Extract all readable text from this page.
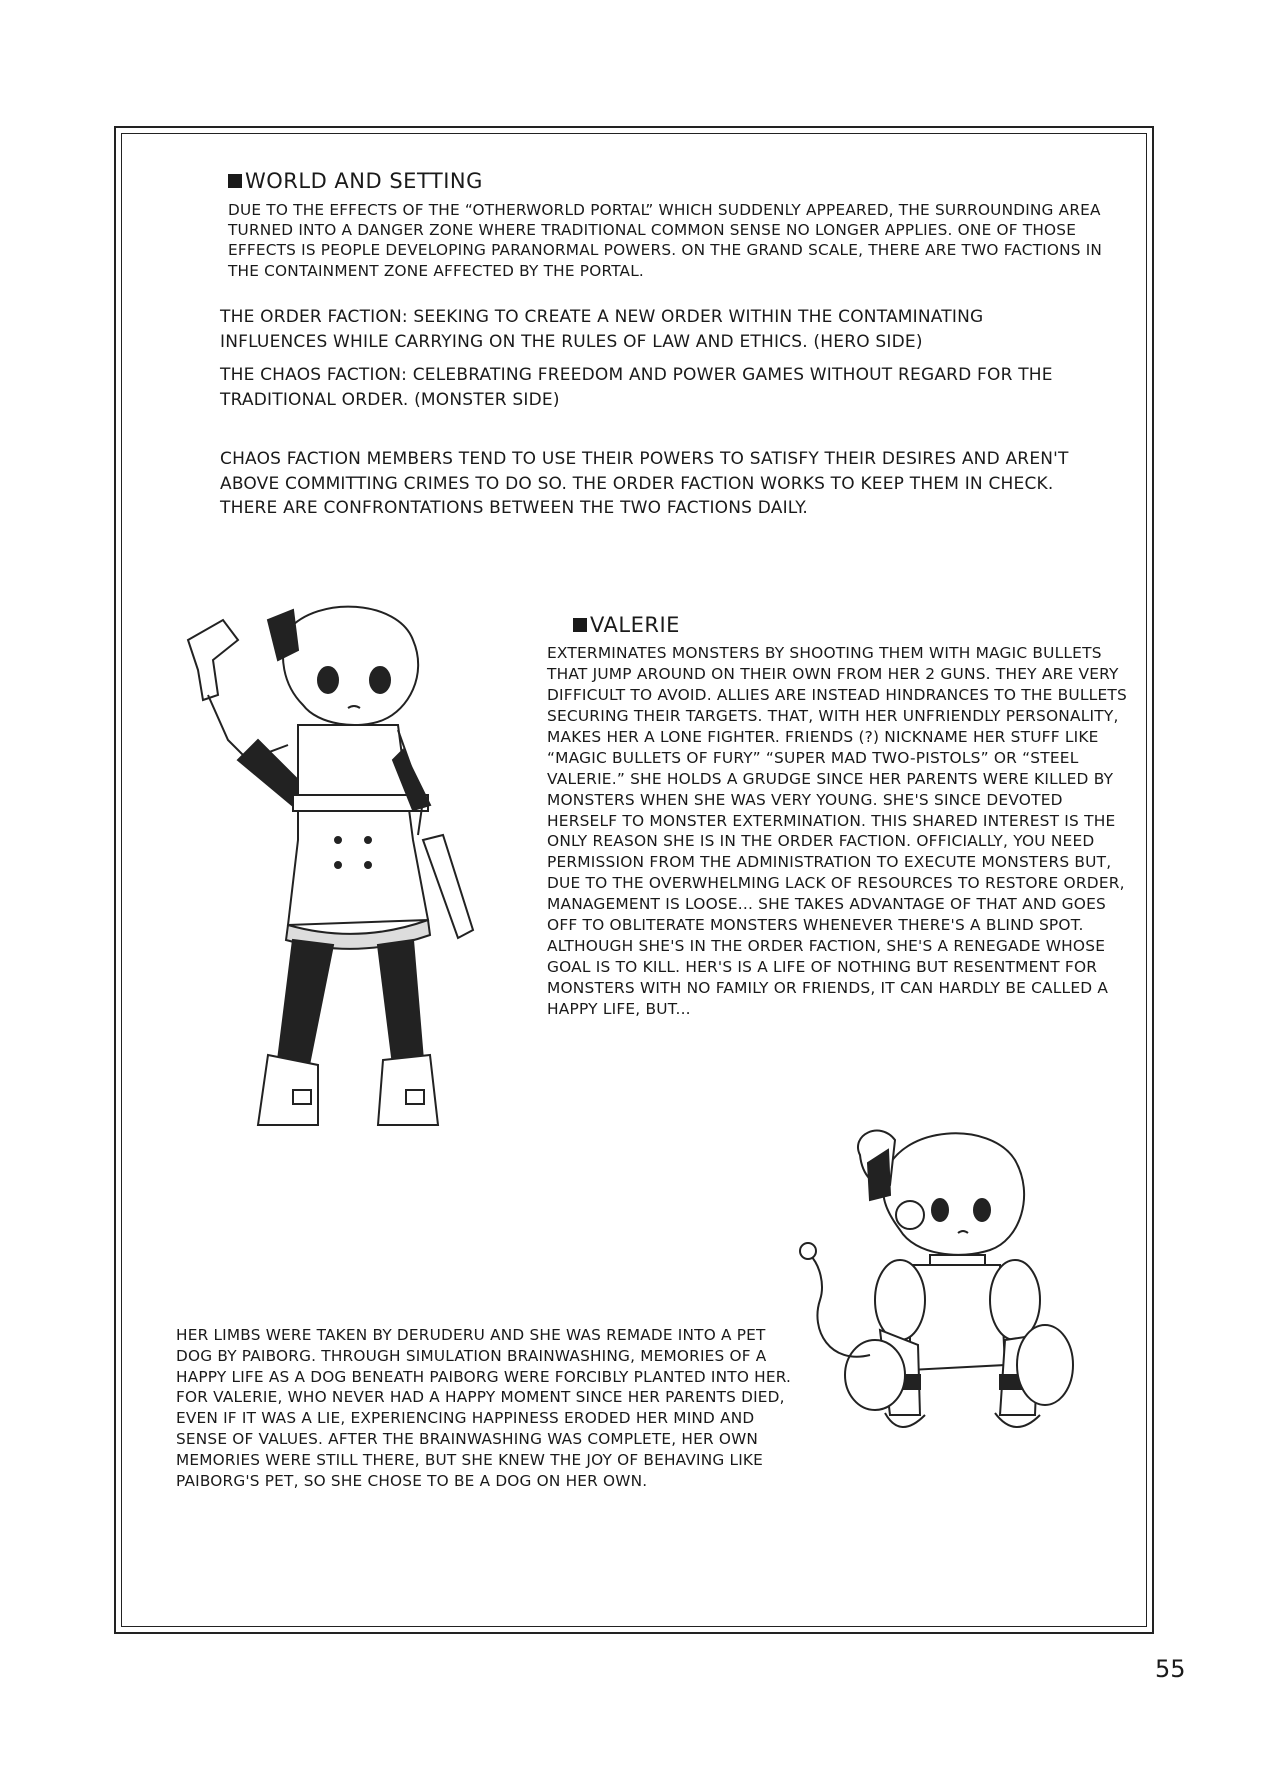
WORLD AND SETTING

DUE TO THE EFFECTS OF THE “OTHERWORLD PORTAL” WHICH SUDDENLY APPEARED, THE SURROUNDING AREA TURNED INTO A DANGER ZONE WHERE TRADITIONAL COMMON SENSE NO LONGER APPLIES. ONE OF THOSE EFFECTS IS PEOPLE DEVELOPING PARANORMAL POWERS. ON THE GRAND SCALE, THERE ARE TWO FACTIONS IN THE CONTAINMENT ZONE AFFECTED BY THE PORTAL.

THE ORDER FACTION: SEEKING TO CREATE A NEW ORDER WITHIN THE CONTAMINATING INFLUENCES WHILE CARRYING ON THE RULES OF LAW AND ETHICS. (HERO SIDE)

THE CHAOS FACTION: CELEBRATING FREEDOM AND POWER GAMES WITHOUT REGARD FOR THE TRADITIONAL ORDER. (MONSTER SIDE)

CHAOS FACTION MEMBERS TEND TO USE THEIR POWERS TO SATISFY THEIR DESIRES AND AREN'T ABOVE COMMITTING CRIMES TO DO SO. THE ORDER FACTION WORKS TO KEEP THEM IN CHECK. THERE ARE CONFRONTATIONS BETWEEN THE TWO FACTIONS DAILY.

VALERIE

EXTERMINATES MONSTERS BY SHOOTING THEM WITH MAGIC BULLETS THAT JUMP AROUND ON THEIR OWN FROM HER 2 GUNS. THEY ARE VERY DIFFICULT TO AVOID. ALLIES ARE INSTEAD HINDRANCES TO THE BULLETS SECURING THEIR TARGETS. THAT, WITH HER UNFRIENDLY PERSONALITY, MAKES HER A LONE FIGHTER. FRIENDS (?) NICKNAME HER STUFF LIKE “MAGIC BULLETS OF FURY” “SUPER MAD TWO-PISTOLS” OR “STEEL VALERIE.” SHE HOLDS A GRUDGE SINCE HER PARENTS WERE KILLED BY MONSTERS WHEN SHE WAS VERY YOUNG. SHE'S SINCE DEVOTED HERSELF TO MONSTER EXTERMINATION. THIS SHARED INTEREST IS THE ONLY REASON SHE IS IN THE ORDER FACTION. OFFICIALLY, YOU NEED PERMISSION FROM THE ADMINISTRATION TO EXECUTE MONSTERS BUT, DUE TO THE OVERWHELMING LACK OF RESOURCES TO RESTORE ORDER, MANAGEMENT IS LOOSE... SHE TAKES ADVANTAGE OF THAT AND GOES OFF TO OBLITERATE MONSTERS WHENEVER THERE'S A BLIND SPOT. ALTHOUGH SHE'S IN THE ORDER FACTION, SHE'S A RENEGADE WHOSE GOAL IS TO KILL. HER'S IS A LIFE OF NOTHING BUT RESENTMENT FOR MONSTERS WITH NO FAMILY OR FRIENDS, IT CAN HARDLY BE CALLED A HAPPY LIFE, BUT...

HER LIMBS WERE TAKEN BY DERUDERU AND SHE WAS REMADE INTO A PET DOG BY PAIBORG. THROUGH SIMULATION BRAINWASHING, MEMORIES OF A HAPPY LIFE AS A DOG BENEATH PAIBORG WERE FORCIBLY PLANTED INTO HER. FOR VALERIE, WHO NEVER HAD A HAPPY MOMENT SINCE HER PARENTS DIED, EVEN IF IT WAS A LIE, EXPERIENCING HAPPINESS ERODED HER MIND AND SENSE OF VALUES. AFTER THE BRAINWASHING WAS COMPLETE, HER OWN MEMORIES WERE STILL THERE, BUT SHE KNEW THE JOY OF BEHAVING LIKE PAIBORG'S PET, SO SHE CHOSE TO BE A DOG ON HER OWN.

55
